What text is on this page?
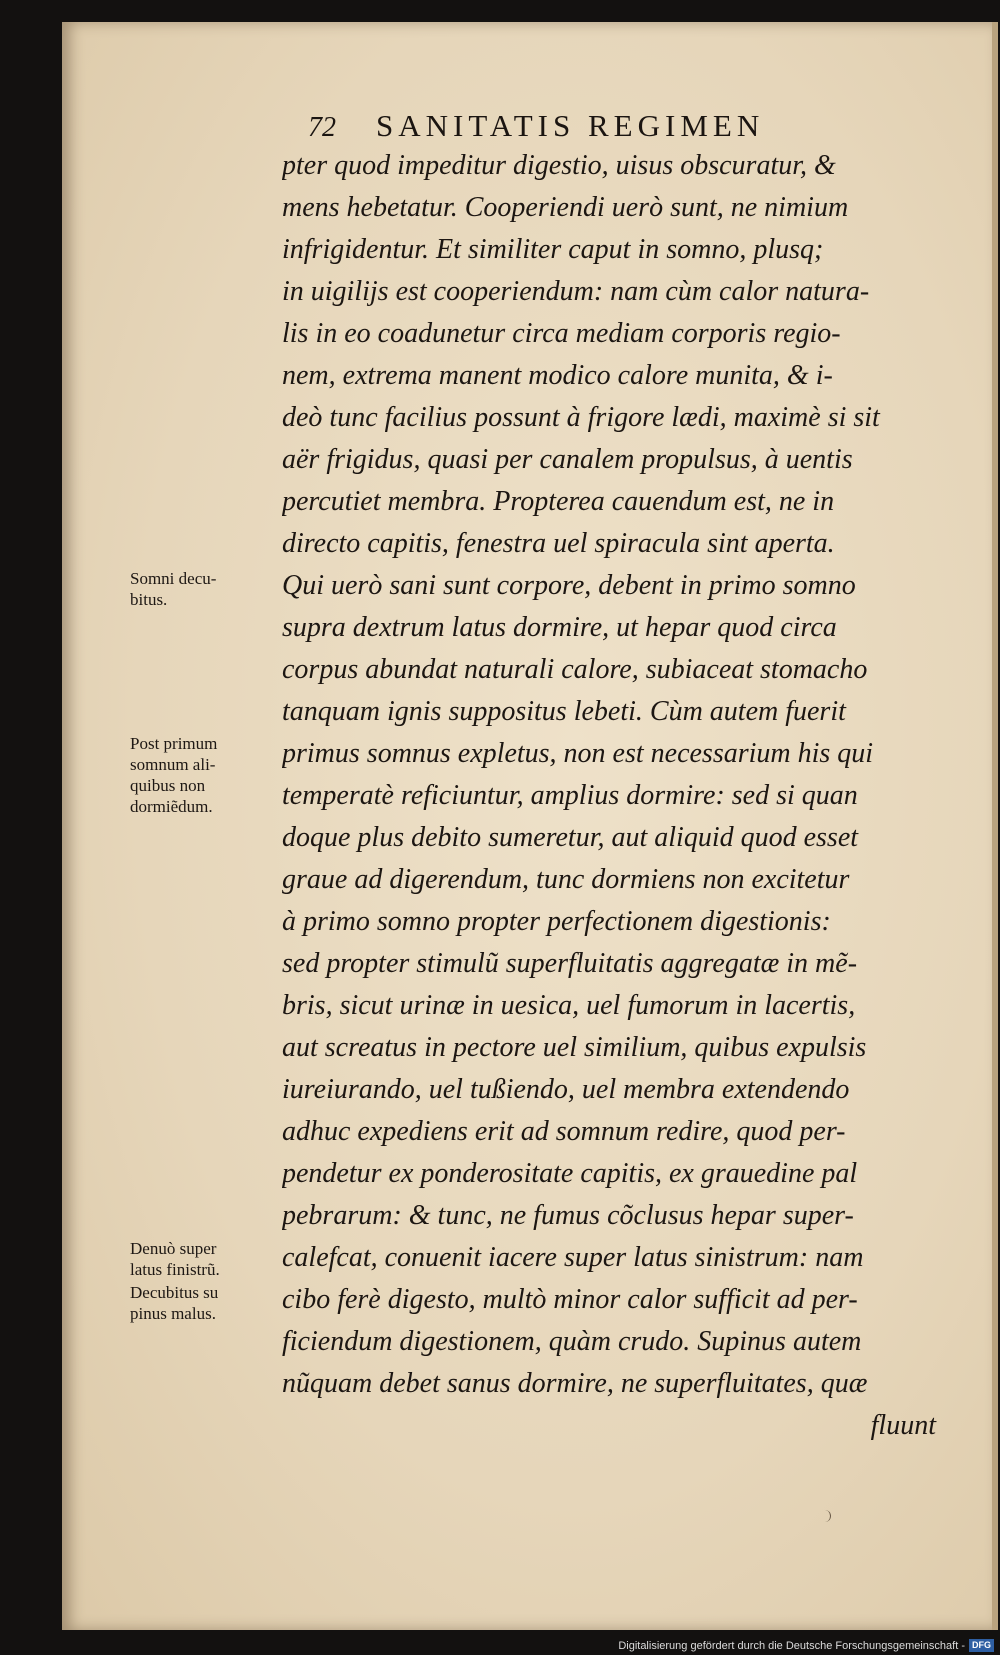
72 SANITATIS REGIMEN
pter quod impeditur digestio, uisus obscuratur, &
mens hebetatur. Cooperiendi uerò sunt, ne nimium
infrigidentur. Et similiter caput in somno, plusq;
in uigilijs est cooperiendum: nam cùm calor natura-
lis in eo coadunetur circa mediam corporis regio-
nem, extrema manent modico calore munita, & i-
deò tunc facilius possunt à frigore lædi, maximè si sit
aër frigidus, quasi per canalem propulsus, à uentis
percutiet membra. Propterea cauendum est, ne in
directo capitis, fenestra uel spiracula sint aperta.
Qui uerò sani sunt corpore, debent in primo somno
supra dextrum latus dormire, ut hepar quod circa
corpus abundat naturali calore, subiaceat stomacho
tanquam ignis suppositus lebeti. Cùm autem fuerit
primus somnus expletus, non est necessarium his qui
temperatè reficiuntur, amplius dormire: sed si quan
doque plus debito sumeretur, aut aliquid quod esset
graue ad digerendum, tunc dormiens non excitetur
à primo somno propter perfectionem digestionis:
sed propter stimulũ superfluitatis aggregatæ in mẽ-
bris, sicut urinæ in uesica, uel fumorum in lacertis,
aut screatus in pectore uel similium, quibus expulsis
iureiurando, uel tußiendo, uel membra extendendo
adhuc expediens erit ad somnum redire, quod per-
pendetur ex ponderositate capitis, ex grauedine pal
pebrarum: & tunc, ne fumus cõclusus hepar super-
calefcat, conuenit iacere super latus sinistrum: nam
cibo ferè digesto, multò minor calor sufficit ad per-
ficiendum digestionem, quàm crudo. Supinus autem
nũquam debet sanus dormire, ne superfluitates, quæ
fluunt
Somni decu-
bitus.
Post primum
somnum ali-
quibus non
dormiẽdum.
Denuò super
latus finistrũ.
Decubitus su
pinus malus.
Digitalisierung gefördert durch die Deutsche Forschungsgemeinschaft - DFG
